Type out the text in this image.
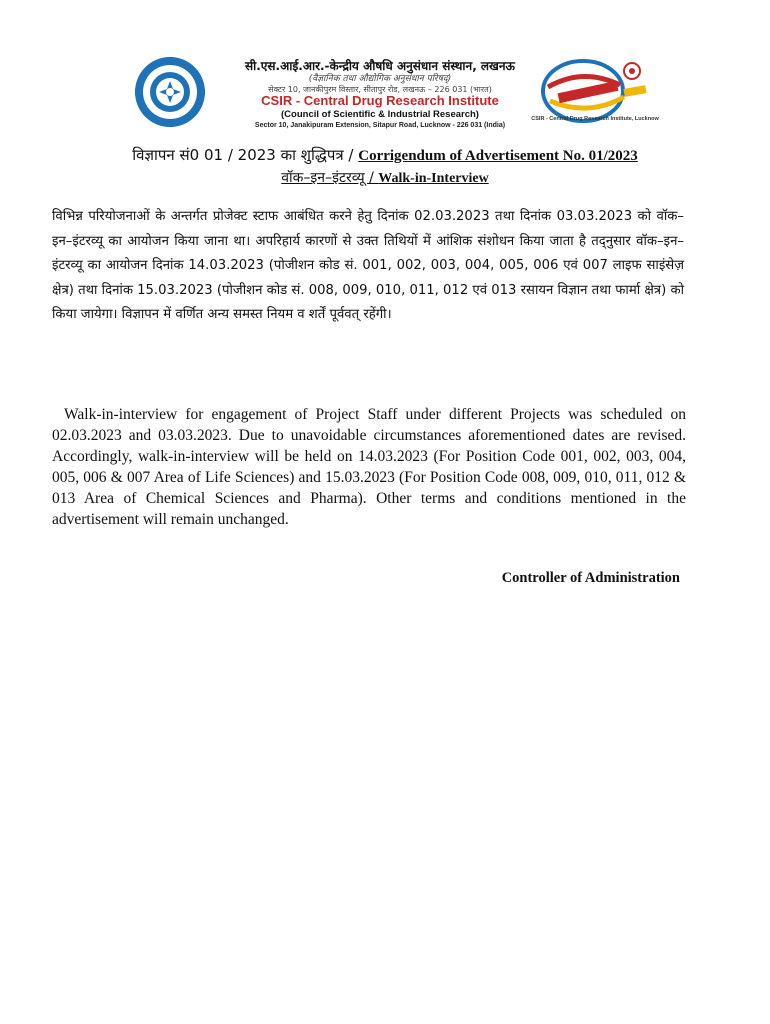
सी.एस.आई.आर.-केन्द्रीय औषधि अनुसंधान संस्थान, लखनऊ
(वैज्ञानिक तथा औद्योगिक अनुसंधान परिषद्)
सेक्टर 10, जानकीपुरम विस्तार, सीतापुर रोड, लखनऊ – 226 031 (भारत)
CSIR - Central Drug Research Institute
(Council of Scientific & Industrial Research)
Sector 10, Janakipuram Extension, Sitapur Road, Lucknow - 226 031 (India)
CSIR - Central Drug Research Institute, Lucknow
विज्ञापन सं0 01 / 2023 का शुद्धिपत्र / Corrigendum of Advertisement No. 01/2023
वॉक–इन–इंटरव्यू / Walk-in-Interview

विभिन्न परियोजनाओं के अन्तर्गत प्रोजेक्ट स्टाफ आबंधित करने हेतु दिनांक 02.03.2023 तथा दिनांक 03.03.2023 को वॉक–इन–इंटरव्यू का आयोजन किया जाना था। अपरिहार्य कारणों से उक्त तिथियों में आंशिक संशोधन किया जाता है तद्नुसार वॉक–इन–इंटरव्यू का आयोजन दिनांक 14.03.2023 (पोजीशन कोड सं. 001, 002, 003, 004, 005, 006 एवं 007 लाइफ साइंसेज़ क्षेत्र) तथा दिनांक 15.03.2023 (पोजीशन कोड सं. 008, 009, 010, 011, 012 एवं 013 रसायन विज्ञान तथा फार्मा क्षेत्र) को किया जायेगा। विज्ञापन में वर्णित अन्य समस्त नियम व शर्तें पूर्ववत् रहेंगी।

Walk-in-interview for engagement of Project Staff under different Projects was scheduled on 02.03.2023 and 03.03.2023. Due to unavoidable circumstances aforementioned dates are revised. Accordingly, walk-in-interview will be held on 14.03.2023 (For Position Code 001, 002, 003, 004, 005, 006 & 007 Area of Life Sciences) and 15.03.2023 (For Position Code 008, 009, 010, 011, 012 & 013 Area of Chemical Sciences and Pharma). Other terms and conditions mentioned in the advertisement will remain unchanged.

Controller of Administration
